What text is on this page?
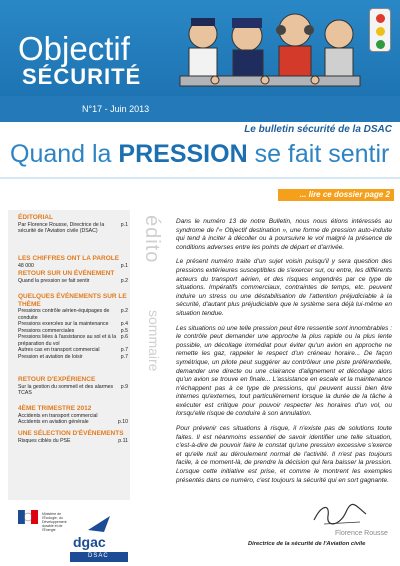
Objectif
SÉCURITÉ
N°17 - Juin 2013
Le bulletin sécurité de la DSAC
Quand la PRESSION se fait sentir
... lire ce dossier page 2
édito
sommaire
ÉDITORIAL

p.1
Par Florence Rousse, Directrice de la sécurité de l'Aviation civile (DSAC)

LES CHIFFRES ONT LA PAROLE

p.1
48 000

RETOUR SUR UN ÉVÉNEMENT

p.2
Quand la pression se fait sentir

QUELQUES ÉVÉNEMENTS SUR LE THÈME

p.2
Pressions contrôle aérien-équipages de conduite

p.4
Pressions exercées sur la maintenance

p.5
Pressions commerciales

p.6
Pressions liées à l'assistance au sol et à la préparation du vol

p.7
Autres cas en transport commercial

p.7
Pression et aviation de loisir

RETOUR D'EXPÉRIENCE

p.9
Sur la gestion du sommeil et des alarmes TCAS

4ÈME TRIMESTRE 2012

Accidents en transport commercial

p.10
Accidents en aviation générale

UNE SÉLECTION D'ÉVÉNEMENTS

p.11
Risques ciblés du PSE

Dans le numéro 13 de notre Bulletin, nous nous étions intéressés au syndrome de l'« Objectif destination », une forme de pression auto-induite qui tend à inciter à décoller ou à poursuivre le vol malgré la présence de conditions adverses entre les points de départ et d'arrivée.

Le présent numéro traite d'un sujet voisin puisqu'il y sera question des pressions extérieures susceptibles de s'exercer sur, ou entre, les différents acteurs du transport aérien, et des risques engendrés par ce type de situations. Impératifs commerciaux, contraintes de temps, etc. peuvent induire un stress ou une déstabilisation de l'attention préjudiciable à la sécurité, d'autant plus préjudiciable que le système sera déjà lui-même en situation tendue.

Les situations où une telle pression peut être ressentie sont innombrables : le contrôle peut demander une approche la plus rapide ou la plus lente possible, un décollage immédiat pour éviter qu'un avion en approche ne remette les gaz, rappeler le respect d'un créneau horaire... De façon symétrique, un pilote peut suggérer au contrôleur une piste préférentielle, demander une directe ou une clairance d'alignement et décollage alors qu'un avion se trouve en finale... L'assistance en escale et la maintenance n'échappent pas à ce type de pressions, qui peuvent aussi bien être internes qu'externes, tout particulièrement lorsque la durée de la tâche à exécuter est critique pour pouvoir respecter les horaires d'un vol, ou lorsqu'elle risque de conduire à son annulation.

Pour prévenir ces situations à risque, il n'existe pas de solutions toute faites. Il est néanmoins essentiel de savoir identifier une telle situation, c'est-à-dire de pouvoir faire le constat qu'une pression excessive s'exerce et qu'elle nuit au déroulement normal de l'activité. Il n'est pas toujours facile, à ce moment-là, de prendre la décision qui fera baisser la pression. Lorsque cette initiative est prise, et comme le montrent les exemples présentés dans ce numéro, c'est toujours la sécurité qui en sort gagnante.

Florence Rousse
Directrice de la sécurité de l'Aviation civile
Ministère de l'Écologie, du Développement durable et de l'Énergie
dgac
DSAC
